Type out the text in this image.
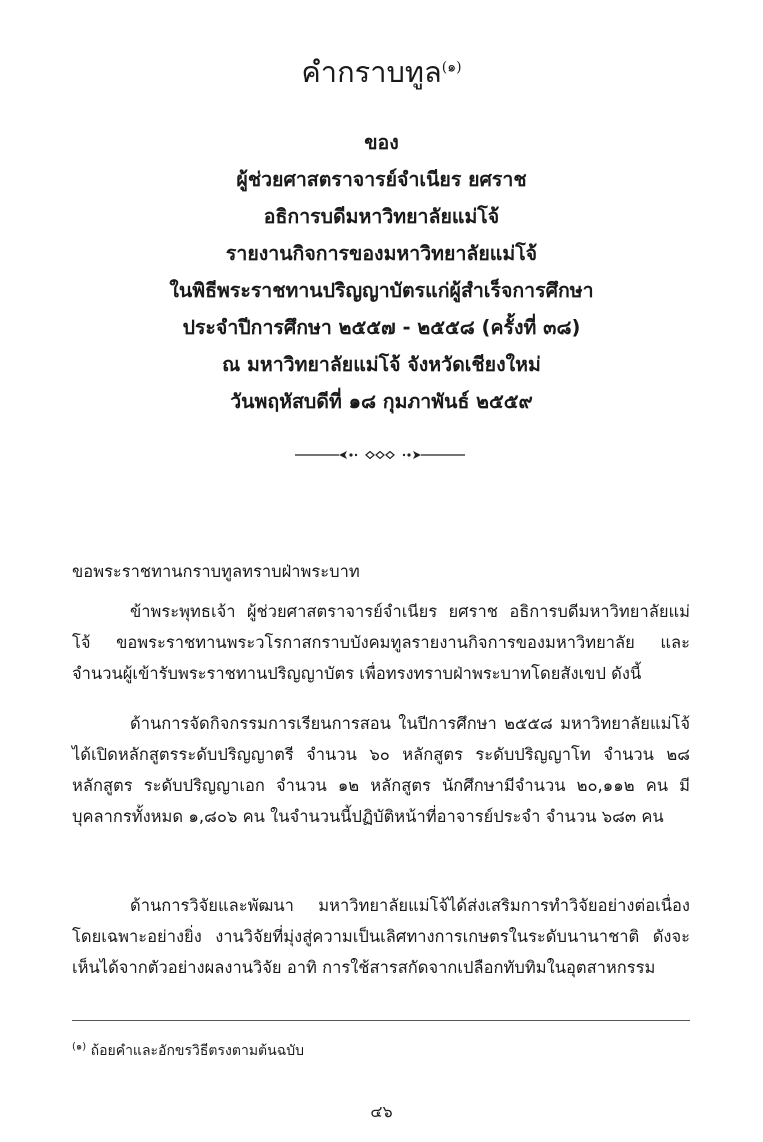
คำกราบทูล$^{(๑)}$
ของ
ผู้ช่วยศาสตราจารย์จำเนียร ยศราช
อธิการบดีมหาวิทยาลัยแม่โจ้
รายงานกิจการของมหาวิทยาลัยแม่โจ้
ในพิธีพระราชทานปริญญาบัตรแก่ผู้สำเร็จการศึกษา
ประจำปีการศึกษา ๒๕๕๗ - ๒๕๕๘ (ครั้งที่ ๓๘)
ณ มหาวิทยาลัยแม่โจ้ จังหวัดเชียงใหม่
วันพฤหัสบดีที่ ๑๘ กุมภาพันธ์ ๒๕๕๙
ขอพระราชทานกราบทูลทราบฝ่าพระบาท
ข้าพระพุทธเจ้า ผู้ช่วยศาสตราจารย์จำเนียร ยศราช อธิการบดีมหาวิทยาลัยแม่โจ้ ขอพระราชทานพระวโรกาสกราบบังคมทูลรายงานกิจการของมหาวิทยาลัย และจำนวนผู้เข้ารับพระราชทานปริญญาบัตร เพื่อทรงทราบฝ่าพระบาทโดยสังเขป ดังนี้
ด้านการจัดกิจกรรมการเรียนการสอน ในปีการศึกษา ๒๕๕๘ มหาวิทยาลัยแม่โจ้ได้เปิดหลักสูตรระดับปริญญาตรี จำนวน ๖๐ หลักสูตร ระดับปริญญาโท จำนวน ๒๘ หลักสูตร ระดับปริญญาเอก จำนวน ๑๒ หลักสูตร นักศึกษามีจำนวน ๒๐,๑๑๒ คน มีบุคลากรทั้งหมด ๑,๘๐๖ คน ในจำนวนนี้ปฏิบัติหน้าที่อาจารย์ประจำ จำนวน ๖๘๓ คน
ด้านการวิจัยและพัฒนา มหาวิทยาลัยแม่โจ้ได้ส่งเสริมการทำวิจัยอย่างต่อเนื่อง โดยเฉพาะอย่างยิ่ง งานวิจัยที่มุ่งสู่ความเป็นเลิศทางการเกษตรในระดับนานาชาติ ดังจะเห็นได้จากตัวอย่างผลงานวิจัย อาทิ การใช้สารสกัดจากเปลือกทับทิมในอุตสาหกรรม
$^{(๑)}$ ถ้อยคำและอักขรวิธีตรงตามต้นฉบับ
๔๖
